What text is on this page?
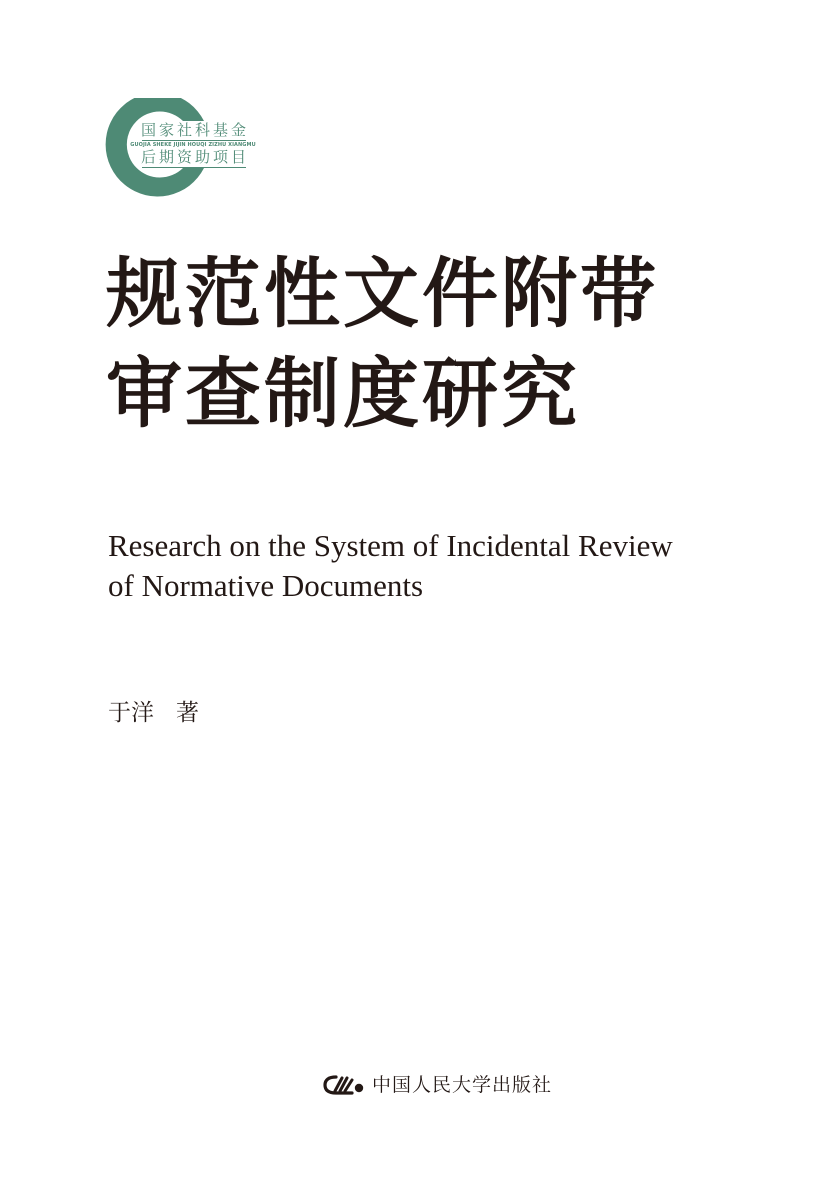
国家社科基金
GUOJIA SHEKE JIJIN HOUQI ZIZHU XIANGMU
后期资助项目
规范性文件附带
审查制度研究
Research on the System of Incidental Review
of Normative Documents
于洋 著
中国人民大学出版社
